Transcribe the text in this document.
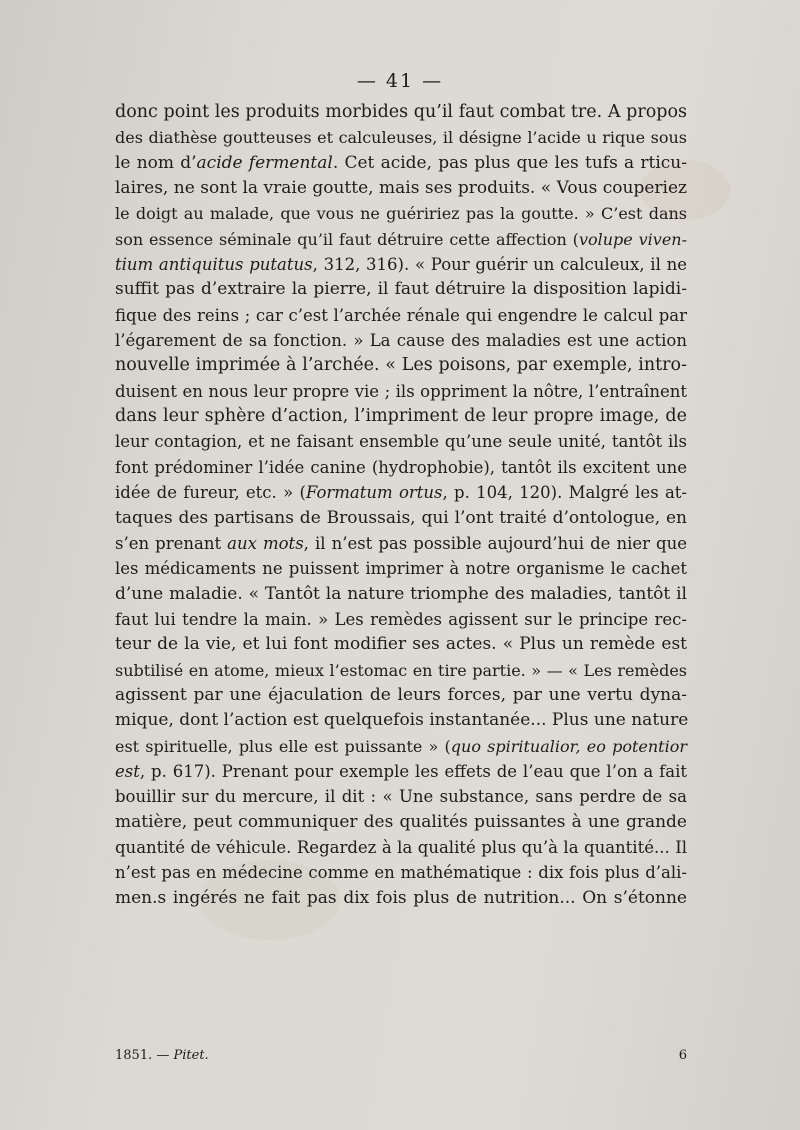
— 41 —
donc point les produits morbides qu’il faut combat tre. A propos
des diathèse goutteuses et calculeuses, il désigne l’acide u rique sous
le nom d’acide fermental. Cet acide, pas plus que les tufs a rticu-
laires, ne sont la vraie goutte, mais ses produits. « Vous couperiez
le doigt au malade, que vous ne guéririez pas la goutte. » C’est dans
son essence séminale qu’il faut détruire cette affection (volupe viven-
tium antiquitus putatus, 312, 316). « Pour guérir un calculeux, il ne
suffit pas d’extraire la pierre, il faut détruire la disposition lapidi-
fique des reins ; car c’est l’archée rénale qui engendre le calcul par
l’égarement de sa fonction. » La cause des maladies est une action
nouvelle imprimée à l’archée. « Les poisons, par exemple, intro-
duisent en nous leur propre vie ; ils oppriment la nôtre, l’entraînent
dans leur sphère d’action, l’impriment de leur propre image, de
leur contagion, et ne faisant ensemble qu’une seule unité, tantôt ils
font prédominer l’idée canine (hydrophobie), tantôt ils excitent une
idée de fureur, etc. » (Formatum ortus, p. 104, 120). Malgré les at-
taques des partisans de Broussais, qui l’ont traité d’ontologue, en
s’en prenant aux mots, il n’est pas possible aujourd’hui de nier que
les médicaments ne puissent imprimer à notre organisme le cachet
d’une maladie. « Tantôt la nature triomphe des maladies, tantôt il
faut lui tendre la main. » Les remèdes agissent sur le principe rec-
teur de la vie, et lui font modifier ses actes. « Plus un remède est
subtilisé en atome, mieux l’estomac en tire partie. » — « Les remèdes
agissent par une éjaculation de leurs forces, par une vertu dyna-
mique, dont l’action est quelquefois instantanée... Plus une nature
est spirituelle, plus elle est puissante » (quo spiritualior, eo potentior
est, p. 617). Prenant pour exemple les effets de l’eau que l’on a fait
bouillir sur du mercure, il dit : « Une substance, sans perdre de sa
matière, peut communiquer des qualités puissantes à une grande
quantité de véhicule. Regardez à la qualité plus qu’à la quantité... Il
n’est pas en médecine comme en mathématique : dix fois plus d’ali-
men.s ingérés ne fait pas dix fois plus de nutrition... On s’étonne
1851. — Pitet.	6
